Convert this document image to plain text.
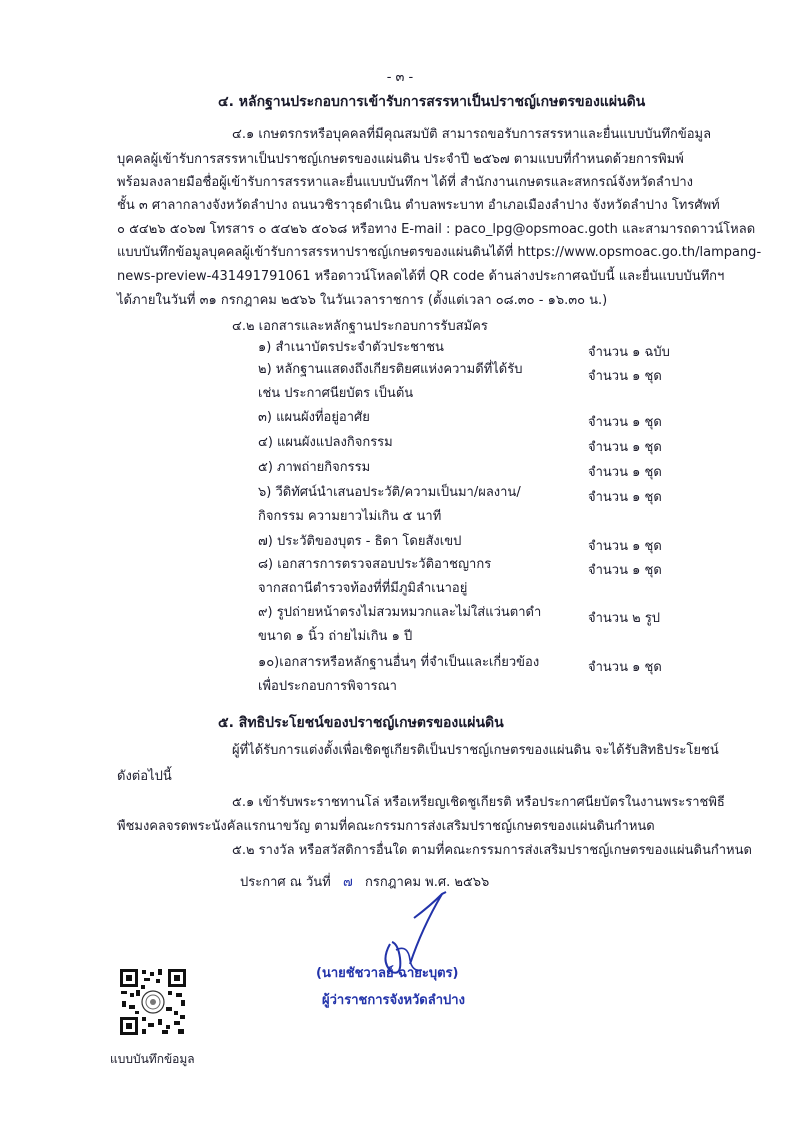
- ๓ -
๔. หลักฐานประกอบการเข้ารับการสรรหาเป็นปราชญ์เกษตรของแผ่นดิน
๔.๑ เกษตรกรหรือบุคคลที่มีคุณสมบัติ สามารถขอรับการสรรหาและยื่นแบบบันทึกข้อมูล
บุคคลผู้เข้ารับการสรรหาเป็นปราชญ์เกษตรของแผ่นดิน ประจำปี ๒๕๖๗ ตามแบบที่กำหนดด้วยการพิมพ์
พร้อมลงลายมือชื่อผู้เข้ารับการสรรหาและยื่นแบบบันทึกฯ ได้ที่ สำนักงานเกษตรและสหกรณ์จังหวัดลำปาง
ชั้น ๓ ศาลากลางจังหวัดลำปาง ถนนวชิราวุธดำเนิน ตำบลพระบาท อำเภอเมืองลำปาง จังหวัดลำปาง โทรศัพท์
๐ ๕๔๒๖ ๕๐๖๗ โทรสาร ๐ ๕๔๒๖ ๕๐๖๘ หรือทาง E-mail : paco_lpg@opsmoac.goth และสามารถดาวน์โหลด
แบบบันทึกข้อมูลบุคคลผู้เข้ารับการสรรหาปราชญ์เกษตรของแผ่นดินได้ที่ https://www.opsmoac.go.th/lampang-
news-preview-431491791061 หรือดาวน์โหลดได้ที่ QR code ด้านล่างประกาศฉบับนี้ และยื่นแบบบันทึกฯ
ได้ภายในวันที่ ๓๑ กรกฎาคม ๒๕๖๖ ในวันเวลาราชการ (ตั้งแต่เวลา ๐๘.๓๐ - ๑๖.๓๐ น.)
๔.๒ เอกสารและหลักฐานประกอบการรับสมัคร
๑) สำเนาบัตรประจำตัวประชาชน	จำนวน ๑ ฉบับ
๒) หลักฐานแสดงถึงเกียรติยศแห่งความดีที่ได้รับ
เช่น ประกาศนียบัตร เป็นต้น
จำนวน ๑ ชุด
๓) แผนผังที่อยู่อาศัย	จำนวน ๑ ชุด
๔) แผนผังแปลงกิจกรรม	จำนวน ๑ ชุด
๕) ภาพถ่ายกิจกรรม	จำนวน ๑ ชุด
๖) วีดิทัศน์นำเสนอประวัติ/ความเป็นมา/ผลงาน/
กิจกรรม ความยาวไม่เกิน ๕ นาที
จำนวน ๑ ชุด
๗) ประวัติของบุตร - ธิดา โดยสังเขป	จำนวน ๑ ชุด
๘) เอกสารการตรวจสอบประวัติอาชญากร
จากสถานีตำรวจท้องที่ที่มีภูมิลำเนาอยู่
จำนวน ๑ ชุด
๙) รูปถ่ายหน้าตรงไม่สวมหมวกและไม่ใส่แว่นตาดำ
ขนาด ๑ นิ้ว ถ่ายไม่เกิน ๑ ปี
จำนวน ๒ รูป
๑๐)เอกสารหรือหลักฐานอื่นๆ ที่จำเป็นและเกี่ยวข้อง
เพื่อประกอบการพิจารณา
จำนวน ๑ ชุด
๕. สิทธิประโยชน์ของปราชญ์เกษตรของแผ่นดิน
ผู้ที่ได้รับการแต่งตั้งเพื่อเชิดชูเกียรติเป็นปราชญ์เกษตรของแผ่นดิน จะได้รับสิทธิประโยชน์
ดังต่อไปนี้
๕.๑ เข้ารับพระราชทานโล่ หรือเหรียญเชิดชูเกียรติ หรือประกาศนียบัตรในงานพระราชพิธี
พืชมงคลจรดพระนังคัลแรกนาขวัญ ตามที่คณะกรรมการส่งเสริมปราชญ์เกษตรของแผ่นดินกำหนด
๕.๒ รางวัล หรือสวัสดิการอื่นใด ตามที่คณะกรรมการส่งเสริมปราชญ์เกษตรของแผ่นดินกำหนด
ประกาศ ณ วันที่ ๗ กรกฎาคม พ.ศ. ๒๕๖๖
(นายชัชวาลย์ ฉายะบุตร)
ผู้ว่าราชการจังหวัดลำปาง
แบบบันทึกข้อมูล
